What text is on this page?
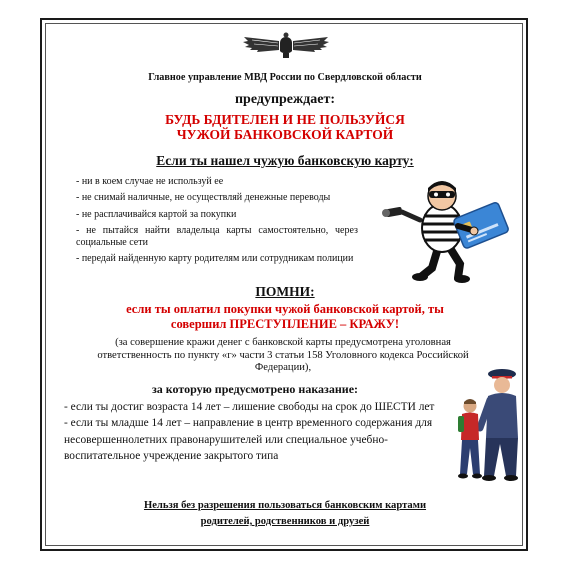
Главное управление МВД России по Свердловской области
предупреждает:
БУДЬ БДИТЕЛЕН И НЕ ПОЛЬЗУЙСЯ
ЧУЖОЙ БАНКОВСКОЙ КАРТОЙ
Если ты нашел чужую банковскую карту:

- ни в коем случае не используй ее

- не снимай наличные, не осуществляй денежные переводы

- не расплачивайся картой за покупки

- не пытайся найти владельца карты самостоятельно, через социальные сети

- передай найденную карту родителям или сотрудникам полиции

ПОМНИ:
если ты оплатил покупки чужой банковской картой, ты
совершил ПРЕСТУПЛЕНИЕ – КРАЖУ!
(за совершение кражи денег с банковской карты предусмотрена уголовная ответственность по пункту «г» части 3 статьи 158 Уголовного кодекса Российской Федерации),
за которую предусмотрено наказание:

- если ты достиг возраста 14 лет – лишение свободы на срок до ШЕСТИ лет

- если ты младше 14 лет – направление в центр временного содержания для несовершеннолетних правонарушителей или специальное учебно-воспитательное учреждение закрытого типа

Нельзя без разрешения пользоваться банковским картами
родителей, родственников и друзей
